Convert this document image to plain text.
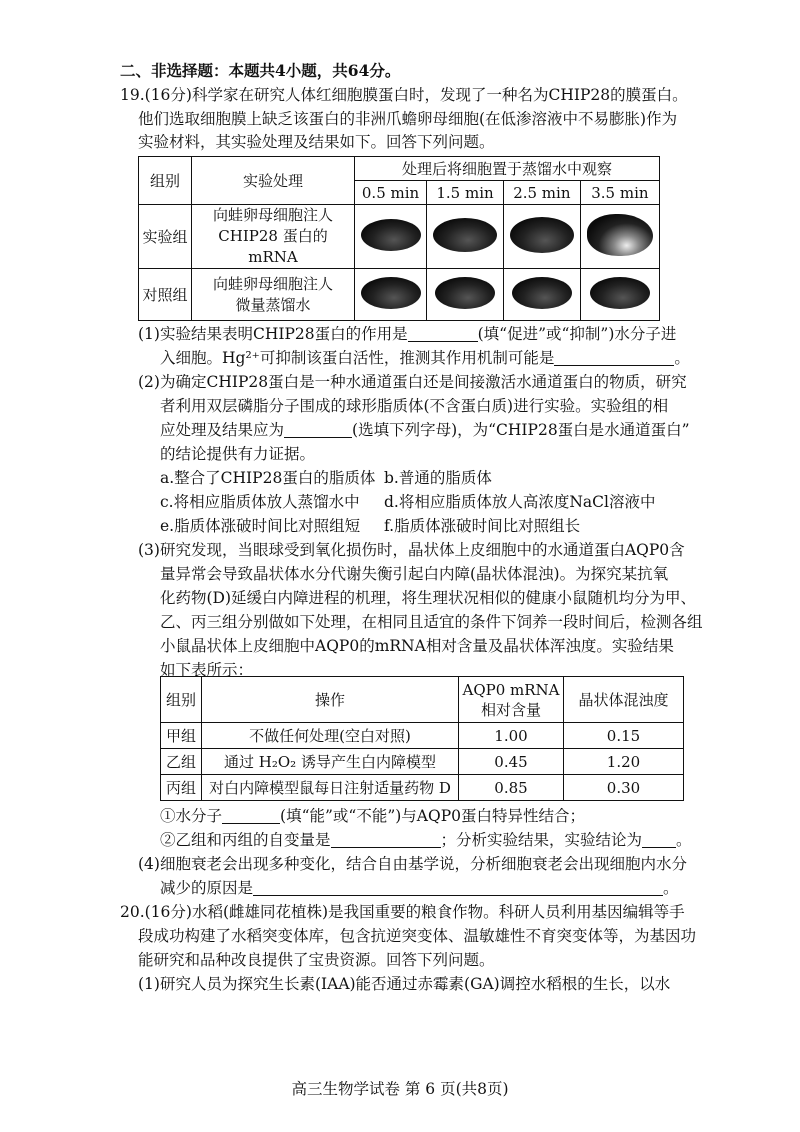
二、非选择题：本题共4小题，共64分。
19.(16分)科学家在研究人体红细胞膜蛋白时，发现了一种名为CHIP28的膜蛋白。
他们选取细胞膜上缺乏该蛋白的非洲爪蟾卵母细胞(在低渗溶液中不易膨胀)作为
实验材料，其实验处理及结果如下。回答下列问题。
组别	实验处理	处理后将细胞置于蒸馏水中观察			
		0.5 min	1.5 min	2.5 min	3.5 min
实验组	向蛙卵母细胞注人
CHIP28 蛋白的 mRNA				

对照组	向蛙卵母细胞注人
微量蒸馏水				

(1)实验结果表明CHIP28蛋白的作用是	(填“促进”或“抑制”)水分子进
入细胞。Hg²⁺可抑制该蛋白活性，推测其作用机制可能是	。
(2)为确定CHIP28蛋白是一种水通道蛋白还是间接激活水通道蛋白的物质，研究
者利用双层磷脂分子围成的球形脂质体(不含蛋白质)进行实验。实验组的相
应处理及结果应为	(选填下列字母)，为“CHIP28蛋白是水通道蛋白”
的结论提供有力证据。
a.整合了CHIP28蛋白的脂质体 b.普通的脂质体
c.将相应脂质体放人蒸馏水中 d.将相应脂质体放人高浓度NaCl溶液中
e.脂质体涨破时间比对照组短 f.脂质体涨破时间比对照组长
(3)研究发现，当眼球受到氧化损伤时，晶状体上皮细胞中的水通道蛋白AQP0含
量异常会导致晶状体水分代谢失衡引起白内障(晶状体混浊)。为探究某抗氧
化药物(D)延缓白内障进程的机理，将生理状况相似的健康小鼠随机均分为甲、
乙、丙三组分别做如下处理，在相同且适宜的条件下饲养一段时间后，检测各组
小鼠晶状体上皮细胞中AQP0的mRNA相对含量及晶状体浑浊度。实验结果
如下表所示：
组别	操作	AQP0 mRNA
相对含量	晶状体混浊度
甲组	不做任何处理(空白对照)	1.00	0.15
乙组	通过 H₂O₂ 诱导产生白内障模型	0.45	1.20
丙组	对白内障模型鼠每日注射适量药物 D	0.85	0.30
①水分子	(填“能”或“不能”)与AQP0蛋白特异性结合；
②乙组和丙组的自变量是	；分析实验结果，实验结论为 。
(4)细胞衰老会出现多种变化，结合自由基学说，分析细胞衰老会出现细胞内水分
减少的原因是	。
20.(16分)水稻(雌雄同花植株)是我国重要的粮食作物。科研人员利用基因编辑等手
段成功构建了水稻突变体库，包含抗逆突变体、温敏雄性不育突变体等，为基因功
能研究和品种改良提供了宝贵资源。回答下列问题。
(1)研究人员为探究生长素(IAA)能否通过赤霉素(GA)调控水稻根的生长，以水
高三生物学试卷 第 6 页(共8页)
